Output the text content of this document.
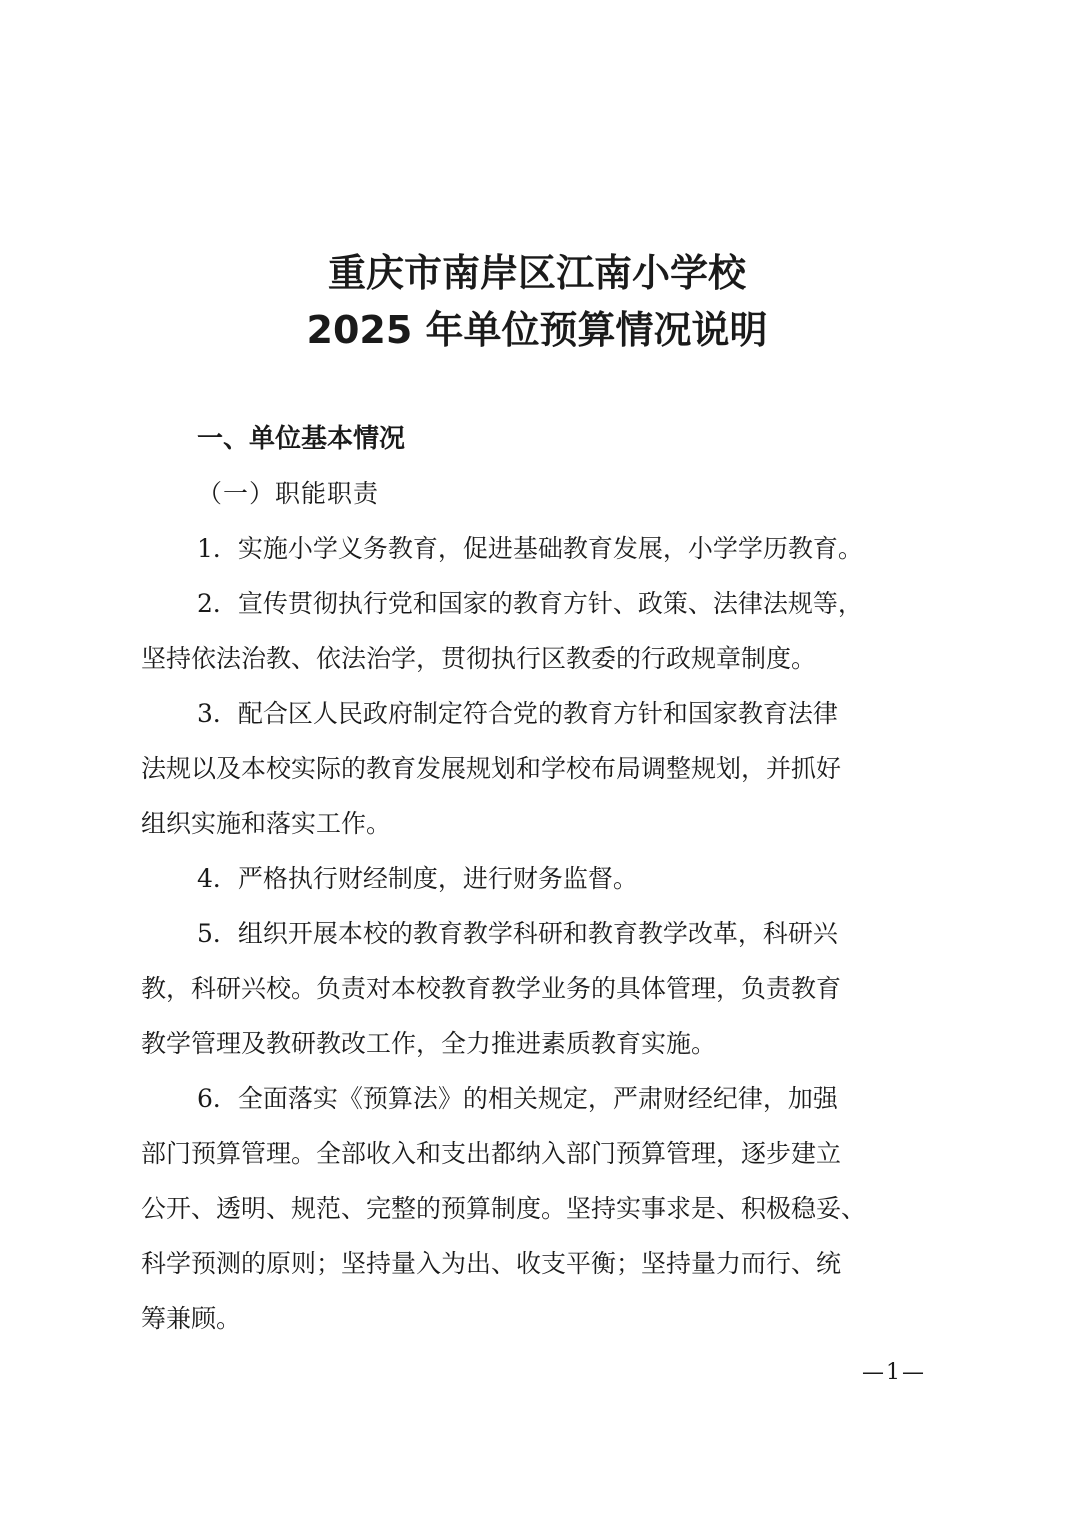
重庆市南岸区江南小学校
2025 年单位预算情况说明
一、单位基本情况
（一）职能职责
1．实施小学义务教育，促进基础教育发展，小学学历教育。
2．宣传贯彻执行党和国家的教育方针、政策、法律法规等，
坚持依法治教、依法治学，贯彻执行区教委的行政规章制度。
3．配合区人民政府制定符合党的教育方针和国家教育法律
法规以及本校实际的教育发展规划和学校布局调整规划，并抓好
组织实施和落实工作。
4．严格执行财经制度，进行财务监督。
5．组织开展本校的教育教学科研和教育教学改革，科研兴
教，科研兴校。负责对本校教育教学业务的具体管理，负责教育
教学管理及教研教改工作，全力推进素质教育实施。
6．全面落实《预算法》的相关规定，严肃财经纪律，加强
部门预算管理。全部收入和支出都纳入部门预算管理，逐步建立
公开、透明、规范、完整的预算制度。坚持实事求是、积极稳妥、
科学预测的原则；坚持量入为出、收支平衡；坚持量力而行、统
筹兼顾。
—1—
